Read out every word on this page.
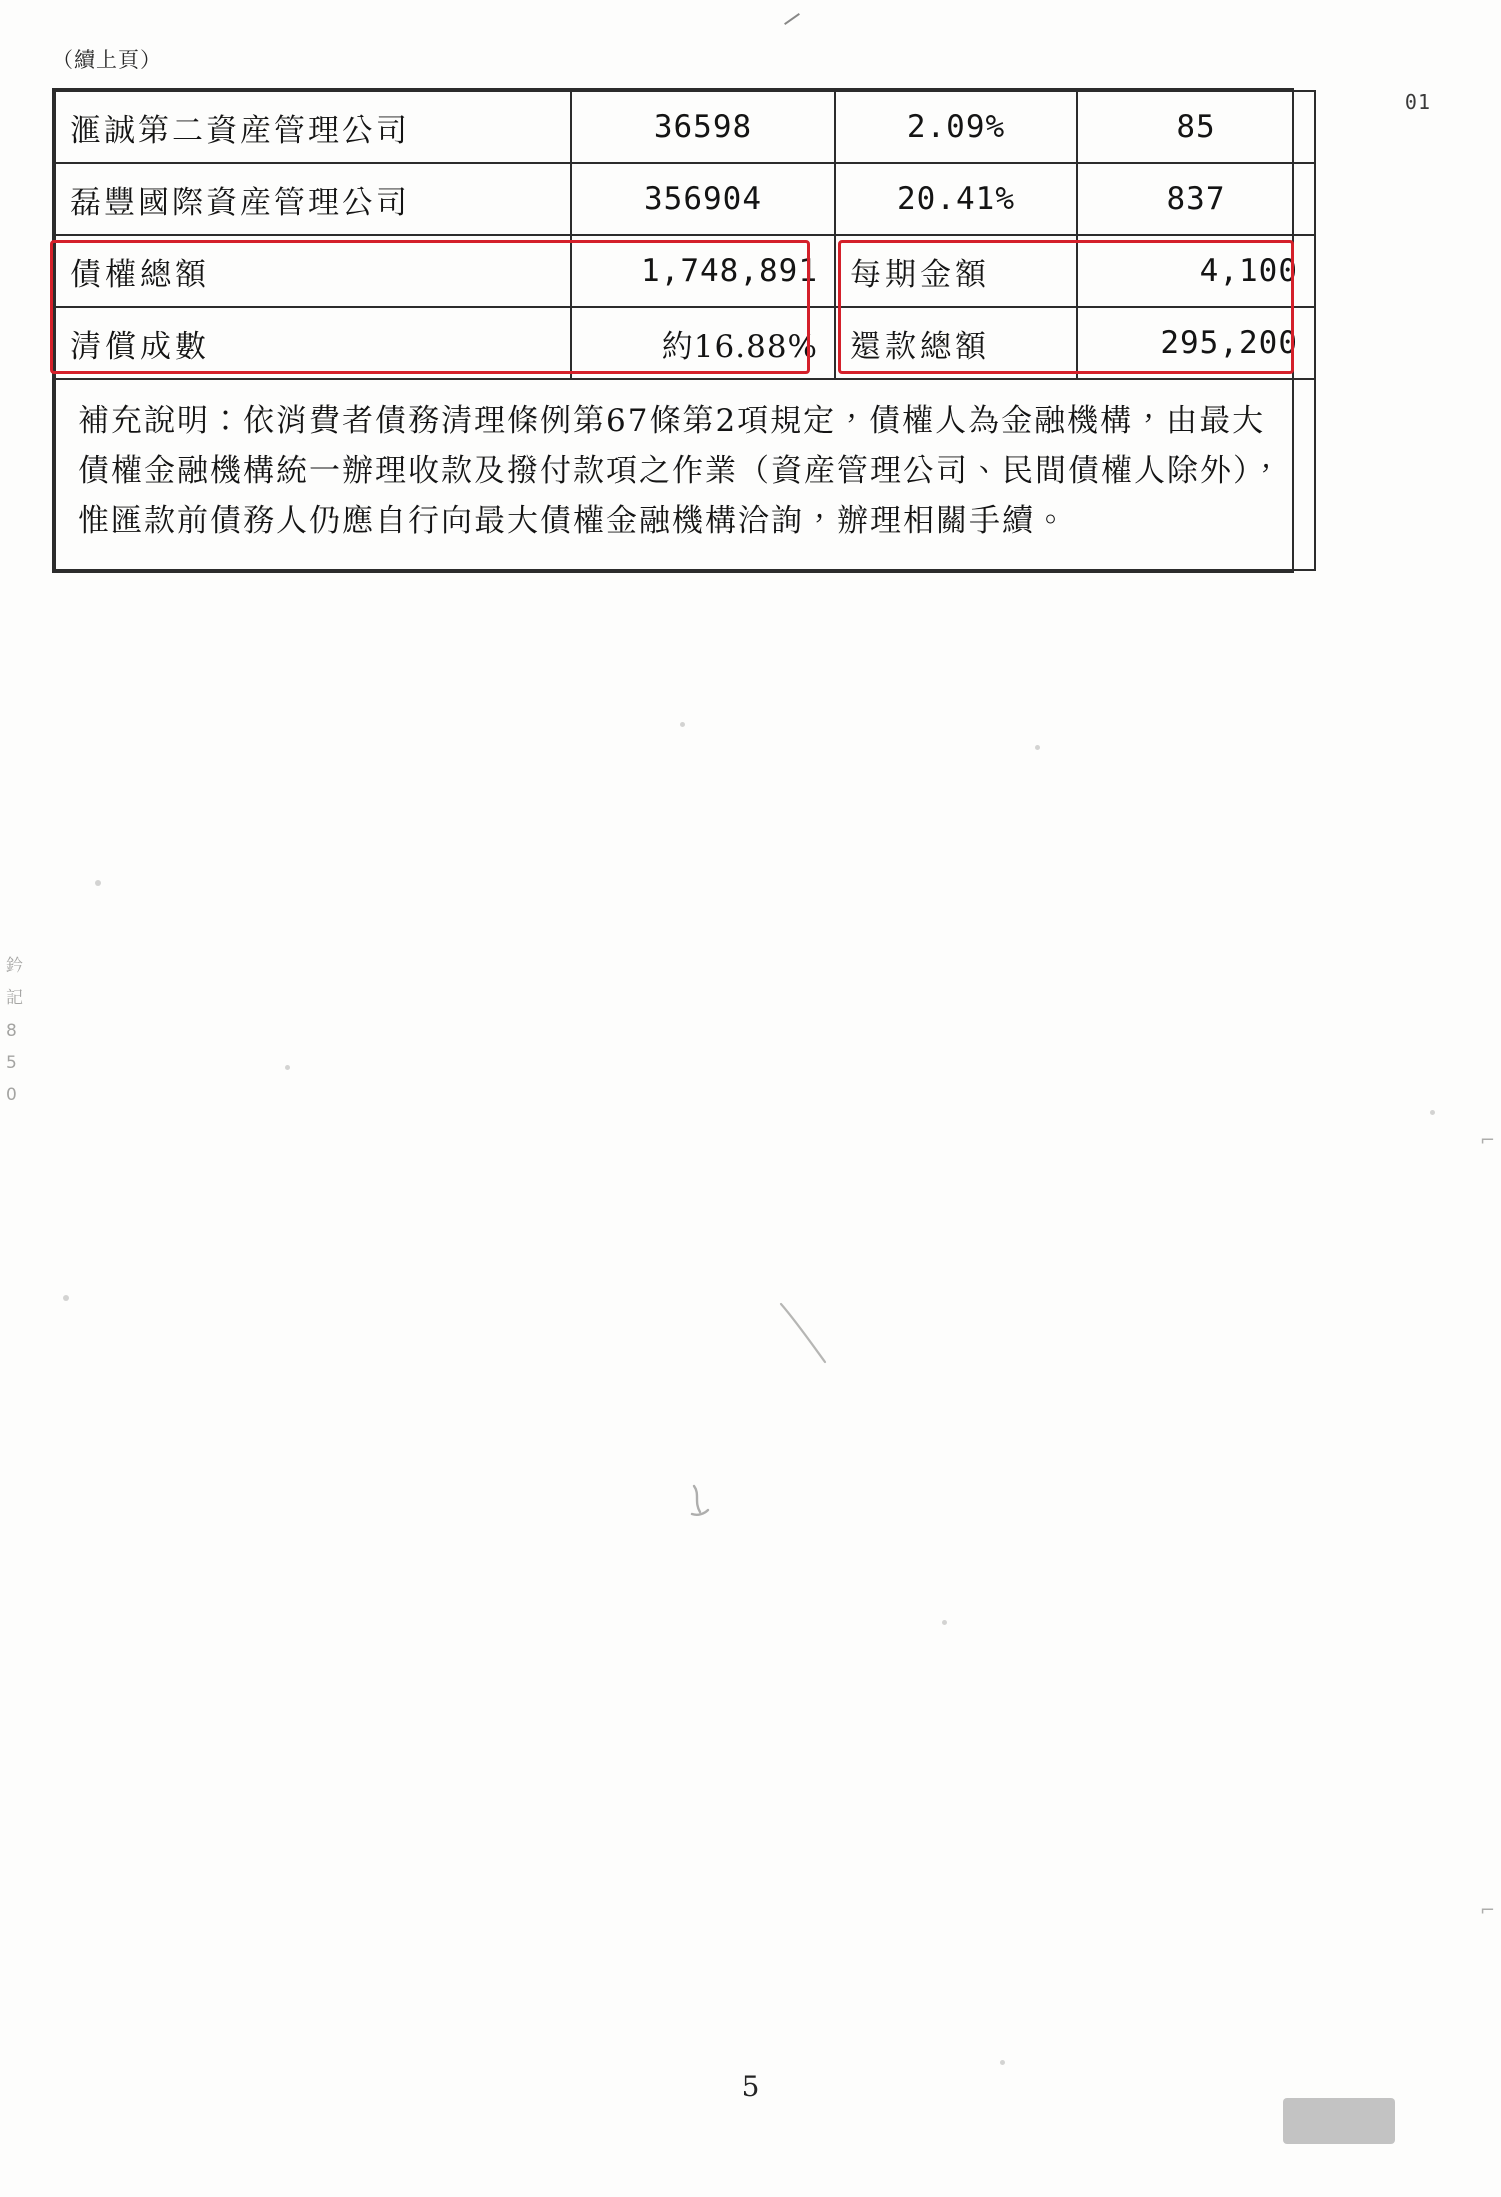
（續上頁）
01
滙誠第二資産管理公司	36598	2.09%	85
磊豐國際資産管理公司	356904	20.41%	837
債權總額	1,748,891	每期金額	4,100
清償成數	約16.88%	還款總額	295,200
補充說明：依消費者債務清理條例第67條第2項規定，債權人為金融機構，由最大債權金融機構統一辦理收款及撥付款項之作業（資産管理公司、民間債權人除外），惟匯款前債務人仍應自行向最大債權金融機構洽詢，辦理相關手續。			
鈐 記 8 5 0
⌐
⌐
5
